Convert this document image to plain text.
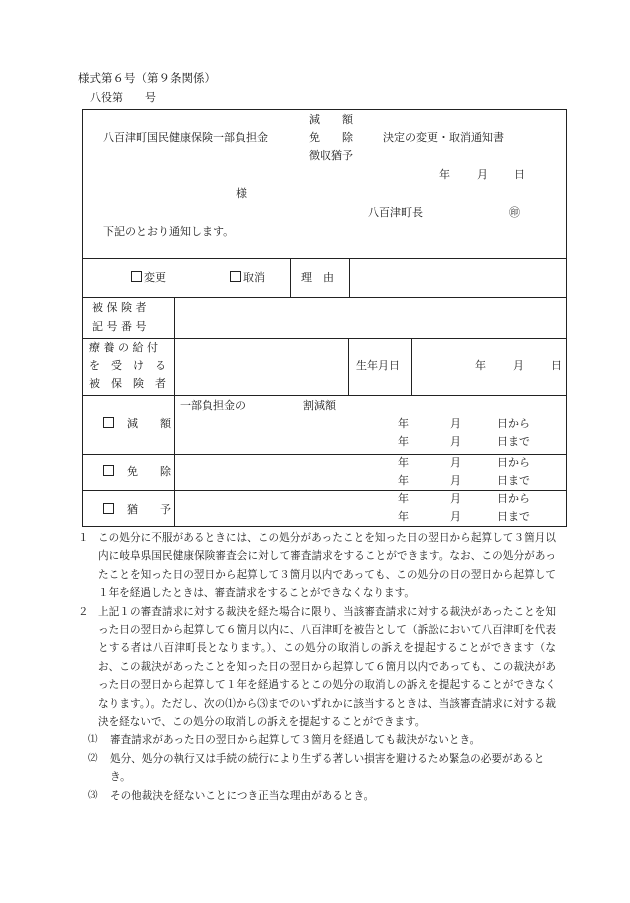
様式第６号（第９条関係）
八役第　　号
減　　額
八百津町国民健康保険一部負担金	免　　除	決定の変更・取消通知書
徴収猶予
年 月 日
様
八百津町長	㊞
下記のとおり通知します。
変更	取消	理　由
被 保 険 者
記 号 番 号
療 養 の 給 付
を　受　け　る
被　保　険　者
生年月日	年 月 日
一部負担金の	割減額
　減　　額	年	月	日から
年	月	日まで
　免　　除
年	月	日から
年	月	日まで
　猶　　予
年	月	日から
年	月	日まで

１ この処分に不服があるときには、この処分があったことを知った日の翌日から起算して３箇月以内に岐阜県国民健康保険審査会に対して審査請求をすることができます。なお、この処分があったことを知った日の翌日から起算して３箇月以内であっても、この処分の日の翌日から起算して１年を経過したときは、審査請求をすることができなくなります。

２ 上記１の審査請求に対する裁決を経た場合に限り、当該審査請求に対する裁決があったことを知った日の翌日から起算して６箇月以内に、八百津町を被告として（訴訟において八百津町を代表とする者は八百津町長となります。）、この処分の取消しの訴えを提起することができます（なお、この裁決があったことを知った日の翌日から起算して６箇月以内であっても、この裁決があった日の翌日から起算して１年を経過するとこの処分の取消しの訴えを提起することができなくなります。）。ただし、次の⑴から⑶までのいずれかに該当するときは、当該審査請求に対する裁決を経ないで、この処分の取消しの訴えを提起することができます。

⑴	審査請求があった日の翌日から起算して３箇月を経過しても裁決がないとき。

⑵	処分、処分の執行又は手続の続行により生ずる著しい損害を避けるため緊急の必要があるとき。

⑶	その他裁決を経ないことにつき正当な理由があるとき。
